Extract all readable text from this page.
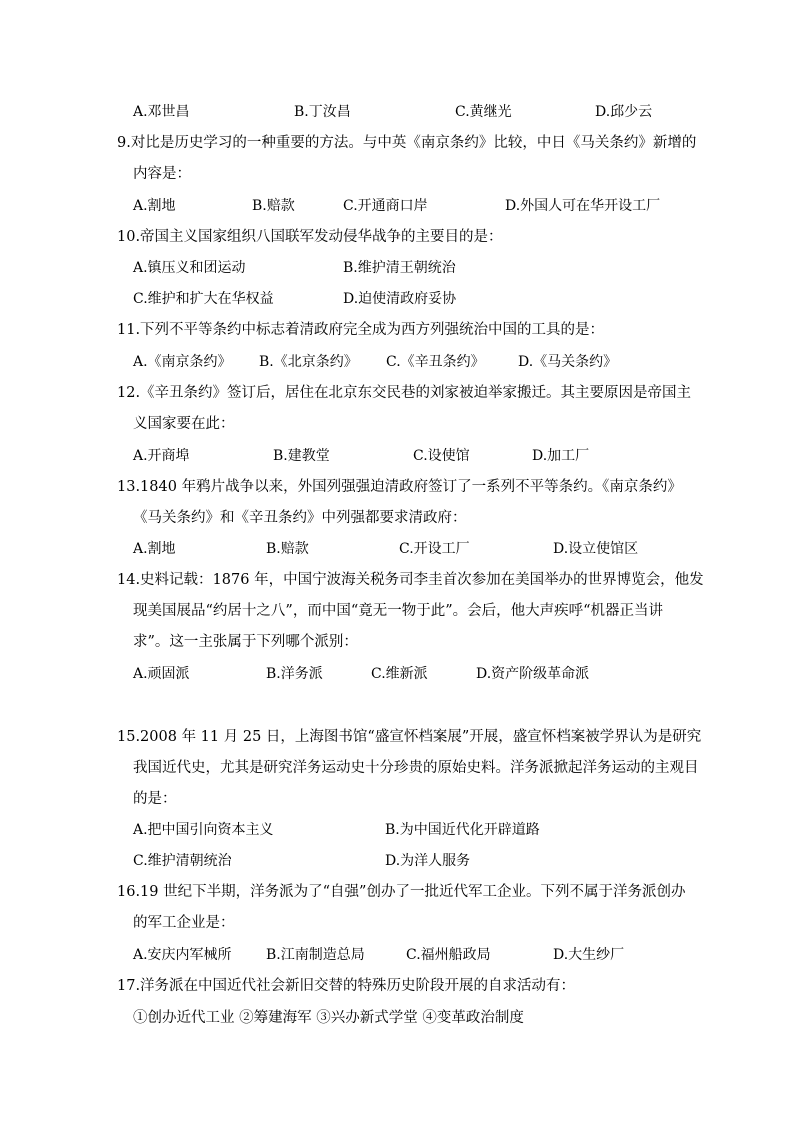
A.邓世昌	B.丁汝昌	C.黄继光	D.邱少云
9.对比是历史学习的一种重要的方法。与中英《南京条约》比较，中日《马关条约》新增的
内容是：
A.割地	B.赔款	C.开通商口岸	D.外国人可在华开设工厂
10.帝国主义国家组织八国联军发动侵华战争的主要目的是：
A.镇压义和团运动	B.维护清王朝统治
C.维护和扩大在华权益	D.迫使清政府妥协
11.下列不平等条约中标志着清政府完全成为西方列强统治中国的工具的是：
A.《南京条约》 B.《北京条约》 C.《辛丑条约》 D.《马关条约》
12.《辛丑条约》签订后，居住在北京东交民巷的刘家被迫举家搬迁。其主要原因是帝国主
义国家要在此：
A.开商埠	B.建教堂	C.设使馆	D.加工厂
13.1840 年鸦片战争以来，外国列强强迫清政府签订了一系列不平等条约。《南京条约》
《马关条约》和《辛丑条约》中列强都要求清政府：
A.割地	B.赔款	C.开设工厂	D.设立使馆区
14.史料记载：1876 年，中国宁波海关税务司李圭首次参加在美国举办的世界博览会，他发
现美国展品“约居十之八”，而中国“竟无一物于此”。会后，他大声疾呼“机器正当讲
求”。这一主张属于下列哪个派别：
A.顽固派	B.洋务派	C.维新派	D.资产阶级革命派
15.2008 年 11 月 25 日，上海图书馆“盛宣怀档案展”开展，盛宣怀档案被学界认为是研究
我国近代史，尤其是研究洋务运动史十分珍贵的原始史料。洋务派掀起洋务运动的主观目
的是：
A.把中国引向资本主义	B.为中国近代化开辟道路
C.维护清朝统治	D.为洋人服务
16.19 世纪下半期，洋务派为了“自强”创办了一批近代军工企业。下列不属于洋务派创办
的军工企业是：
A.安庆内军械所 B.江南制造总局	C.福州船政局	D.大生纱厂
17.洋务派在中国近代社会新旧交替的特殊历史阶段开展的自求活动有：
①创办近代工业 ②筹建海军 ③兴办新式学堂 ④变革政治制度
